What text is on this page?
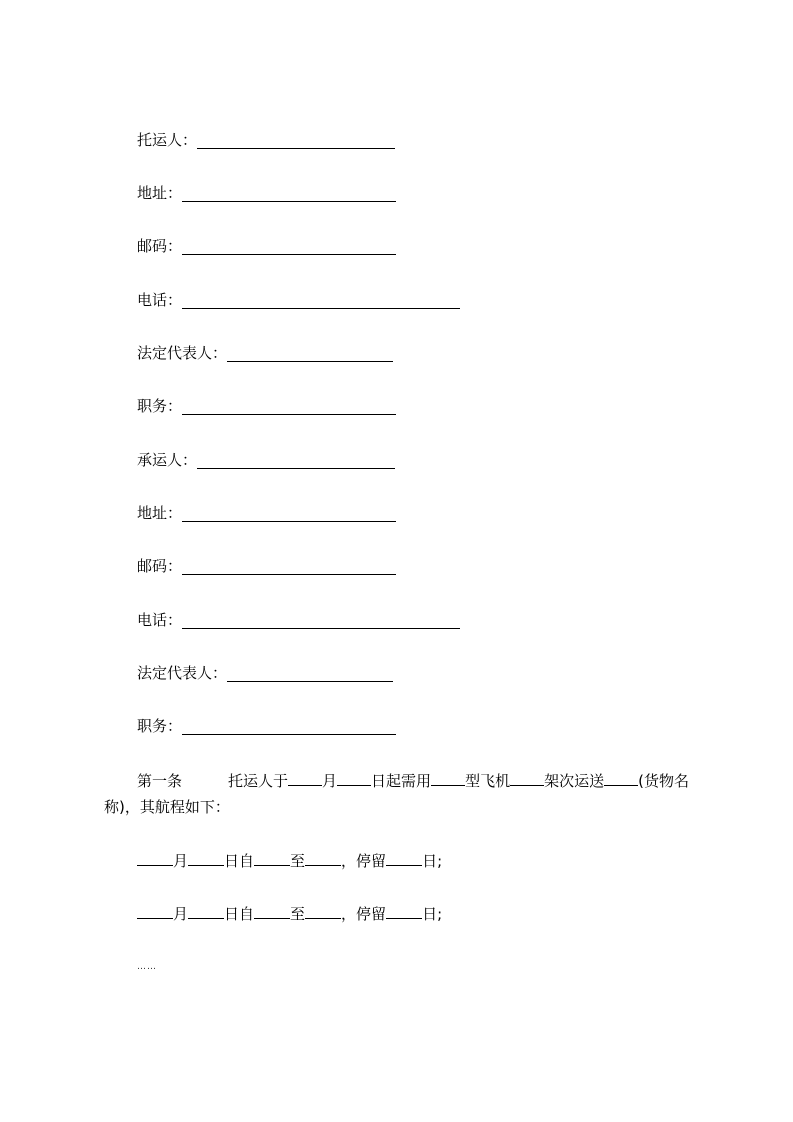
托运人：
地址：
邮码：
电话：
法定代表人：
职务：
承运人：
地址：
邮码：
电话：
法定代表人：
职务：
第一条	托运人于 月 日起需用 型飞机 架次运送 (货物名
称)，其航程如下：
月 日自 至 ，停留 日;
月 日自 至 ，停留 日;
……
